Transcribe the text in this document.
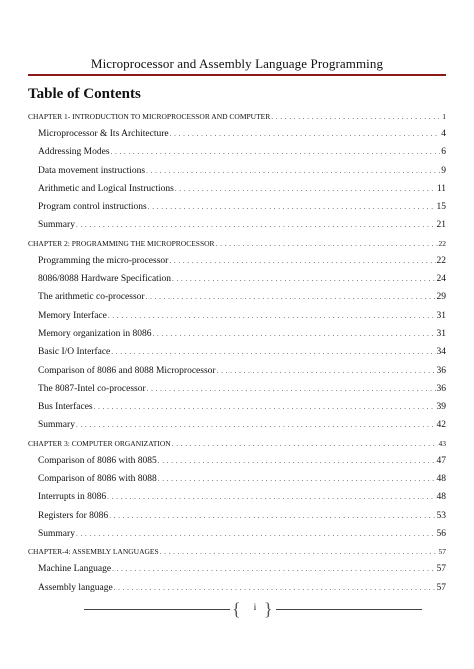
Microprocessor and Assembly Language Programming
Table of Contents
CHAPTER 1- INTRODUCTION TO MICROPROCESSOR AND COMPUTER . . .	1
Microprocessor & Its Architecture . . .	4
Addressing Modes . . .	6
Data movement instructions . . .	9
Arithmetic and Logical Instructions . . .	11
Program control instructions . . .	15
Summary . . .	21
CHAPTER 2: PROGRAMMING THE MICROPROCESSOR . . .	22
Programming the micro-processor . . .	22
8086/8088 Hardware Specification . . .	24
The arithmetic co-processor . . .	29
Memory Interface . . .	31
Memory organization in 8086 . . .	31
Basic I/O Interface . . .	34
Comparison of 8086 and 8088 Microprocessor . . .	36
The 8087-Intel co-processor . . .	36
Bus Interfaces . . .	39
Summary . . .	42
CHAPTER 3: COMPUTER ORGANIZATION . . .	43
Comparison of 8086 with 8085 . . .	47
Comparison of 8086 with 8088 . . .	48
Interrupts in 8086 . . .	48
Registers for 8086 . . .	53
Summary . . .	56
CHAPTER-4: ASSEMBLY LANGUAGES . . .	57
Machine Language . . .	57
Assembly language . . .	57
{	i }
